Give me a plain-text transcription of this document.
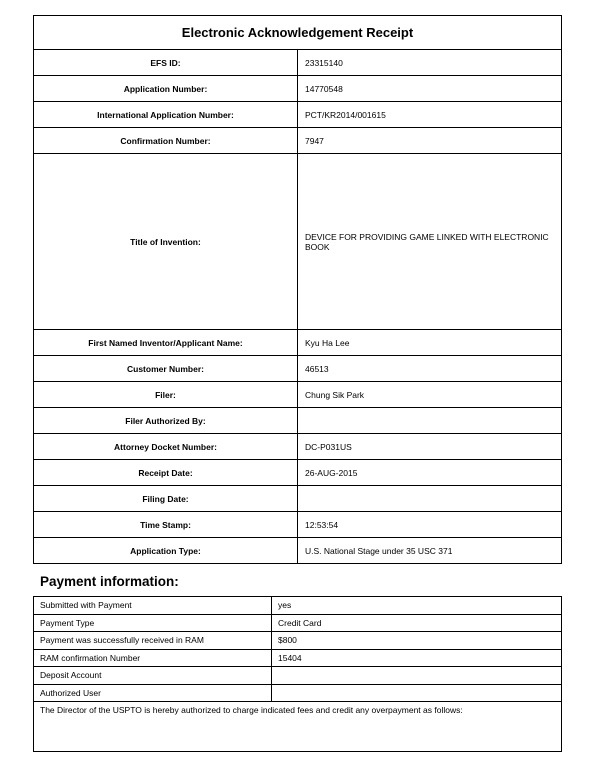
Electronic Acknowledgement Receipt	
EFS ID:	23315140
Application Number:	14770548
International Application Number:	PCT/KR2014/001615
Confirmation Number:	7947
Title of Invention:	DEVICE FOR PROVIDING GAME LINKED WITH ELECTRONIC BOOK
First Named Inventor/Applicant Name:	Kyu Ha Lee
Customer Number:	46513
Filer:	Chung Sik Park
Filer Authorized By:	
Attorney Docket Number:	DC-P031US
Receipt Date:	26-AUG-2015
Filing Date:	
Time Stamp:	12:53:54
Application Type:	U.S. National Stage under 35 USC 371
Payment information:
Submitted with Payment	yes
Payment Type	Credit Card
Payment was successfully received in RAM	$800
RAM confirmation Number	15404
Deposit Account	
Authorized User	
The Director of the USPTO is hereby authorized to charge indicated fees and credit any overpayment as follows:	
